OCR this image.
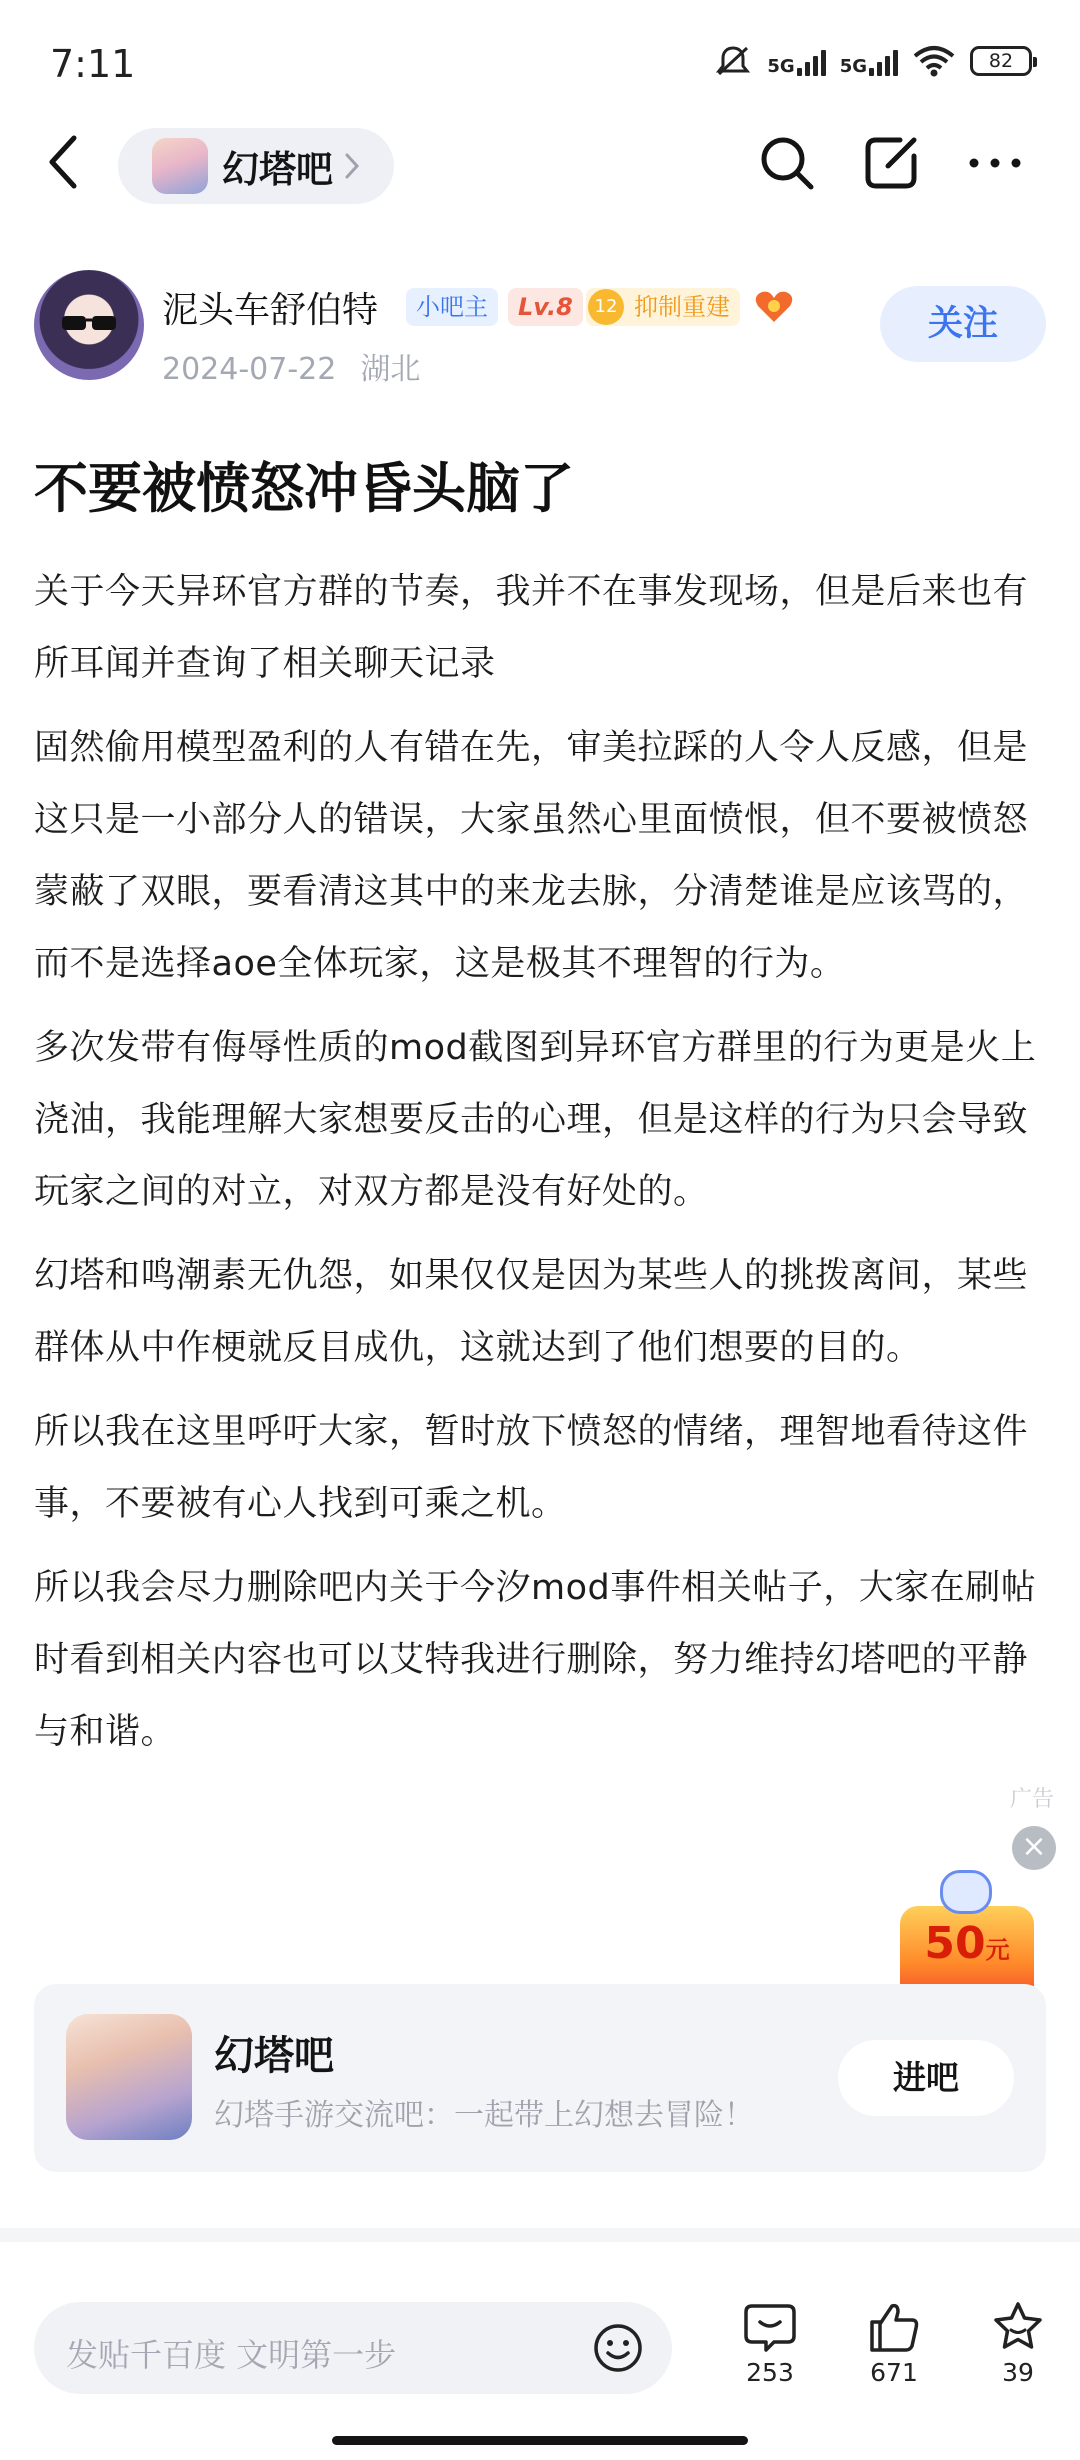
7:11	5G	5G	82
幻塔吧
泥头车舒伯特	小吧主	Lv.8	12 抑制重建
2024-07-22 湖北
关注
不要被愤怒冲昏头脑了

关于今天异环官方群的节奏，我并不在事发现场，但是后来也有所耳闻并查询了相关聊天记录

固然偷用模型盈利的人有错在先，审美拉踩的人令人反感，但是这只是一小部分人的错误，大家虽然心里面愤恨，但不要被愤怒蒙蔽了双眼，要看清这其中的来龙去脉，分清楚谁是应该骂的，而不是选择aoe全体玩家，这是极其不理智的行为。

多次发带有侮辱性质的mod截图到异环官方群里的行为更是火上浇油，我能理解大家想要反击的心理，但是这样的行为只会导致玩家之间的对立，对双方都是没有好处的。

幻塔和鸣潮素无仇怨，如果仅仅是因为某些人的挑拨离间，某些群体从中作梗就反目成仇，这就达到了他们想要的目的。

所以我在这里呼吁大家，暂时放下愤怒的情绪，理智地看待这件事，不要被有心人找到可乘之机。

所以我会尽力删除吧内关于今汐mod事件相关帖子，大家在刷帖时看到相关内容也可以艾特我进行删除，努力维持幻塔吧的平静与和谐。

广告
×
50元
幻塔吧
幻塔手游交流吧：一起带上幻想去冒险！
进吧
发贴千百度 文明第一步	253	671	39
